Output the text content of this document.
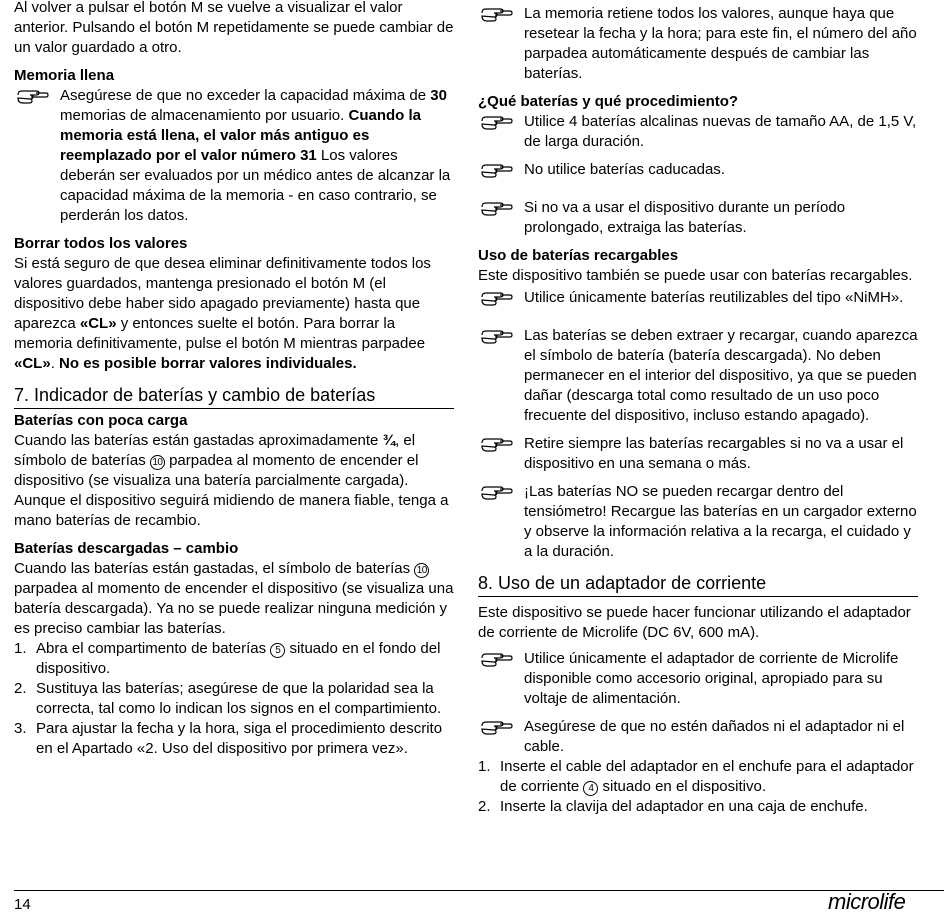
Al volver a pulsar el botón M se vuelve a visualizar el valor anterior. Pulsando el botón M repetidamente se puede cambiar de un valor guardado a otro.

Memoria llena

Asegúrese de que no exceder la capacidad máxima de 30 memorias de almacenamiento por usuario. Cuando la memoria está llena, el valor más antiguo es reemplazado por el valor número 31 Los valores deberán ser evaluados por un médico antes de alcanzar la capacidad máxima de la memoria - en caso contrario, se perderán los datos.

Borrar todos los valores

Si está seguro de que desea eliminar definitivamente todos los valores guardados, mantenga presionado el botón M (el dispositivo debe haber sido apagado previamente) hasta que aparezca «CL» y entonces suelte el botón. Para borrar la memoria definitivamente, pulse el botón M mientras parpadee «CL». No es posible borrar valores individuales.

7. Indicador de baterías y cambio de baterías
Baterías con poca carga

Cuando las baterías están gastadas aproximadamente ¾, el símbolo de baterías 10 parpadea al momento de encender el dispositivo (se visualiza una batería parcialmente cargada). Aunque el dispositivo seguirá midiendo de manera fiable, tenga a mano baterías de recambio.

Baterías descargadas – cambio

Cuando las baterías están gastadas, el símbolo de baterías 10 parpadea al momento de encender el dispositivo (se visualiza una batería descargada). Ya no se puede realizar ninguna medición y es preciso cambiar las baterías.

1. Abra el compartimento de baterías 5 situado en el fondo del dispositivo.
2. Sustituya las baterías; asegúrese de que la polaridad sea la correcta, tal como lo indican los signos en el compartimiento.
3. Para ajustar la fecha y la hora, siga el procedimiento descrito en el Apartado «2. Uso del dispositivo por primera vez».

La memoria retiene todos los valores, aunque haya que resetear la fecha y la hora; para este fin, el número del año parpadea automáticamente después de cambiar las baterías.

¿Qué baterías y qué procedimiento?

Utilice 4 baterías alcalinas nuevas de tamaño AA, de 1,5 V, de larga duración.

No utilice baterías caducadas.

Si no va a usar el dispositivo durante un período prolongado, extraiga las baterías.

Uso de baterías recargables

Este dispositivo también se puede usar con baterías recargables.

Utilice únicamente baterías reutilizables del tipo «NiMH».

Las baterías se deben extraer y recargar, cuando aparezca el símbolo de batería (batería descargada). No deben permanecer en el interior del dispositivo, ya que se pueden dañar (descarga total como resultado de un uso poco frecuente del dispositivo, incluso estando apagado).

Retire siempre las baterías recargables si no va a usar el dispositivo en una semana o más.

¡Las baterías NO se pueden recargar dentro del tensiómetro! Recargue las baterías en un cargador externo y observe la información relativa a la recarga, el cuidado y a la duración.

8. Uso de un adaptador de corriente

Este dispositivo se puede hacer funcionar utilizando el adaptador de corriente de Microlife (DC 6V, 600 mA).

Utilice únicamente el adaptador de corriente de Microlife disponible como accesorio original, apropiado para su voltaje de alimentación.

Asegúrese de que no estén dañados ni el adaptador ni el cable.

1. Inserte el cable del adaptador en el enchufe para el adaptador de corriente 4 situado en el dispositivo.
2. Inserte la clavija del adaptador en una caja de enchufe.
14	microlife
